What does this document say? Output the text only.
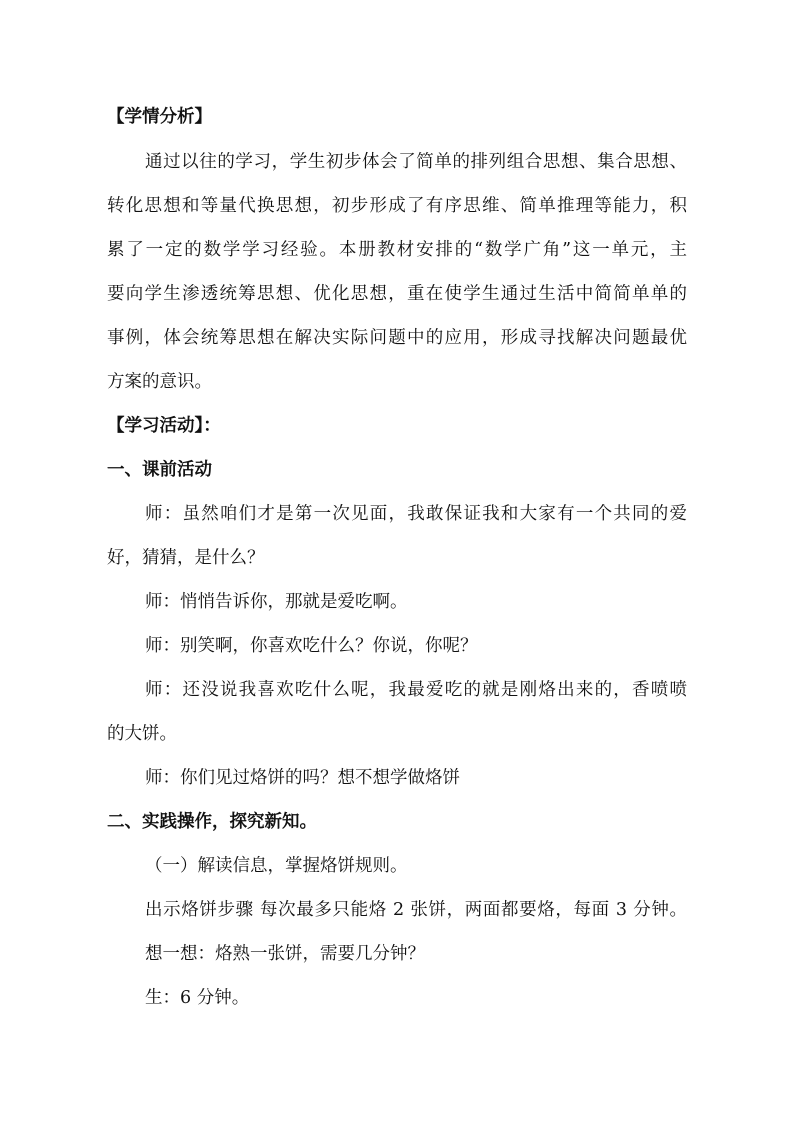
【学情分析】
通过以往的学习，学生初步体会了简单的排列组合思想、集合思想、
转化思想和等量代换思想，初步形成了有序思维、简单推理等能力，积
累了一定的数学学习经验。本册教材安排的“数学广角”这一单元，主
要向学生渗透统筹思想、优化思想，重在使学生通过生活中简简单单的
事例，体会统筹思想在解决实际问题中的应用，形成寻找解决问题最优
方案的意识。
【学习活动】：
一、课前活动
师：虽然咱们才是第一次见面，我敢保证我和大家有一个共同的爱
好，猜猜，是什么？
师：悄悄告诉你，那就是爱吃啊。
师：别笑啊，你喜欢吃什么？你说，你呢？
师：还没说我喜欢吃什么呢，我最爱吃的就是刚烙出来的，香喷喷
的大饼。
师：你们见过烙饼的吗？想不想学做烙饼
二、实践操作，探究新知。
（一）解读信息，掌握烙饼规则。
出示烙饼步骤 每次最多只能烙 2 张饼，两面都要烙，每面 3 分钟。
想一想：烙熟一张饼，需要几分钟？
生：6 分钟。
